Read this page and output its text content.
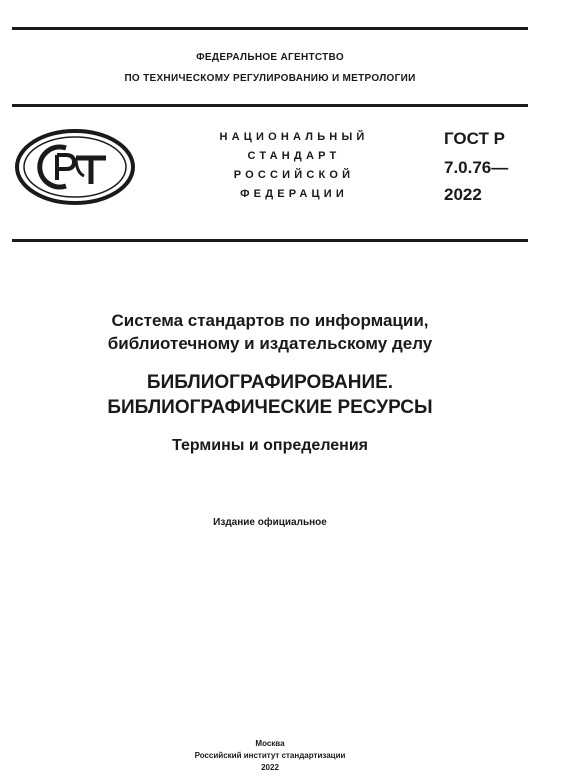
ФЕДЕРАЛЬНОЕ АГЕНТСТВО
ПО ТЕХНИЧЕСКОМУ РЕГУЛИРОВАНИЮ И МЕТРОЛОГИИ
НАЦИОНАЛЬНЫЙ
СТАНДАРТ
РОССИЙСКОЙ
ФЕДЕРАЦИИ
ГОСТ Р
7.0.76—
2022
Система стандартов по информации,
библиотечному и издательскому делу
БИБЛИОГРАФИРОВАНИЕ.
БИБЛИОГРАФИЧЕСКИЕ РЕСУРСЫ
Термины и определения
Издание официальное
Москва
Российский институт стандартизации
2022
